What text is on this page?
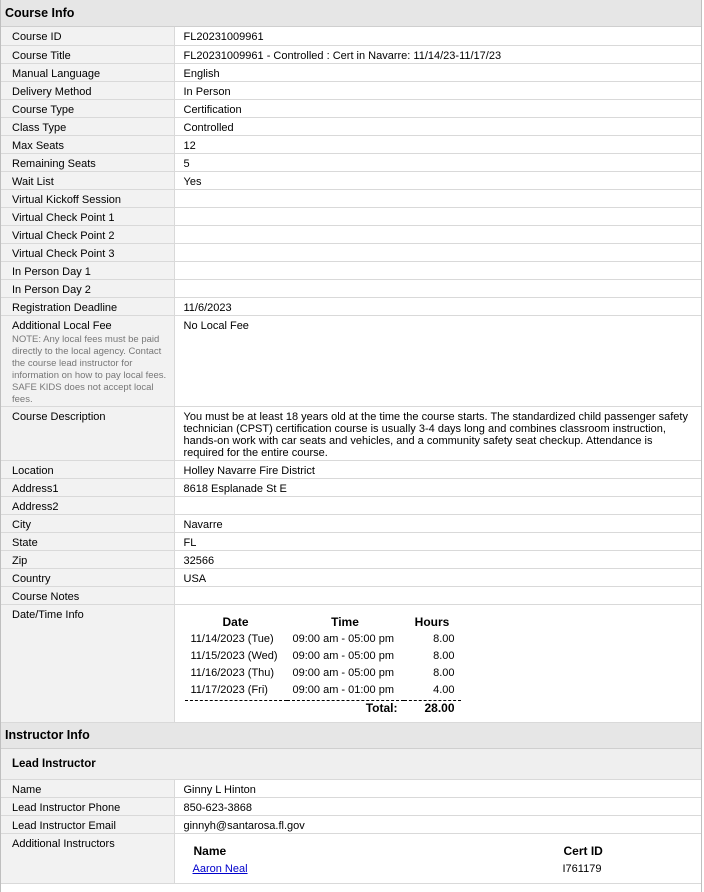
Course Info
Course ID	FL20231009961
Course Title	FL20231009961 - Controlled : Cert in Navarre: 11/14/23-11/17/23
Manual Language	English
Delivery Method	In Person
Course Type	Certification
Class Type	Controlled
Max Seats	12
Remaining Seats	5
Wait List	Yes
Virtual Kickoff Session	
Virtual Check Point 1	
Virtual Check Point 2	
Virtual Check Point 3	
In Person Day 1	
In Person Day 2	
Registration Deadline	11/6/2023

Additional Local Fee
NOTE: Any local fees must be paid directly to the local agency. Contact the course lead instructor for information on how to pay local fees. SAFE KIDS does not accept local fees.
	No Local Fee
Course Description	You must be at least 18 years old at the time the course starts. The standardized child passenger safety technician (CPST) certification course is usually 3-4 days long and combines classroom instruction, hands-on work with car seats and vehicles, and a community safety seat checkup. Attendance is required for the entire course.

Location	Holley Navarre Fire District
Address1	8618 Esplanade St E
Address2	
City	Navarre
State	FL
Zip	32566
Country	USA
Course Notes	
Date/Time Info		Date	Time	Hours
11/14/2023 (Tue)	09:00 am - 05:00 pm	8.00
11/15/2023 (Wed)	09:00 am - 05:00 pm	8.00
11/16/2023 (Thu)	09:00 am - 05:00 pm	8.00
11/17/2023 (Fri)	09:00 am - 01:00 pm	4.00
	Total:	28.00
Instructor Info
Lead Instructor
Name	Ginny L Hinton
Lead Instructor Phone	850-623-3868
Lead Instructor Email	ginnyh@santarosa.fl.gov
Additional Instructors		Name	Cert ID
Aaron Neal	I761179
